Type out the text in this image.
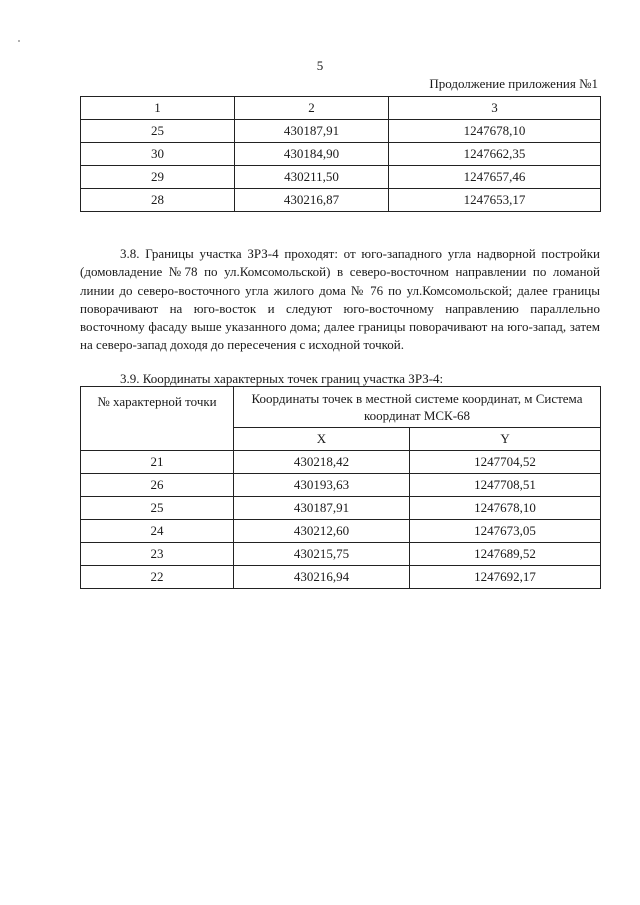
5
Продолжение приложения №1
1	2	3
25	430187,91	1247678,10
30	430184,90	1247662,35
29	430211,50	1247657,46
28	430216,87	1247653,17

3.8. Границы участка ЗРЗ-4 проходят: от юго-западного угла надворной постройки (домовладение №78 по ул.Комсомольской) в северо-восточном направлении по ломаной линии до северо-восточного угла жилого дома № 76 по ул.Комсомольской; далее границы поворачивают на юго-восток и следуют юго-восточному направлению параллельно восточному фасаду выше указанного дома; далее границы поворачивают на юго-запад, затем на северо-запад доходя до пересечения с исходной точкой.

3.9. Координаты характерных точек границ участка ЗРЗ-4:

№ характерной точки	Координаты точек в местной системе координат, м Система координат МСК-68	
	X	Y
21	430218,42	1247704,52
26	430193,63	1247708,51
25	430187,91	1247678,10
24	430212,60	1247673,05
23	430215,75	1247689,52
22	430216,94	1247692,17
